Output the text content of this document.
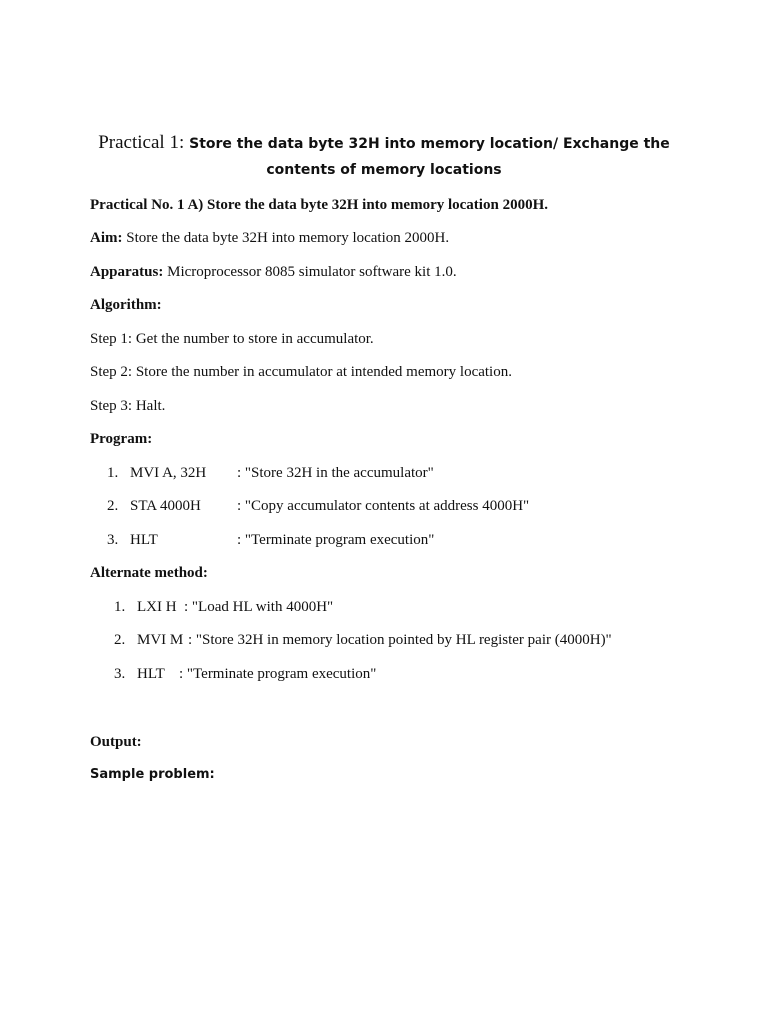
Practical 1: Store the data byte 32H into memory location/ Exchange the
contents of memory locations
Practical No. 1 A) Store the data byte 32H into memory location 2000H.
Aim: Store the data byte 32H into memory location 2000H.
Apparatus: Microprocessor 8085 simulator software kit 1.0.
Algorithm:
Step 1: Get the number to store in accumulator.
Step 2: Store the number in accumulator at intended memory location.
Step 3: Halt.
Program:
1. MVI A, 32H : "Store 32H in the accumulator"
2. STA 4000H : "Copy accumulator contents at address 4000H"
3. HLT	: "Terminate program execution"
Alternate method:
1. LXI H : "Load HL with 4000H"
2. MVI M : "Store 32H in memory location pointed by HL register pair (4000H)"
3. HLT : "Terminate program execution"
Output:
Sample problem:
